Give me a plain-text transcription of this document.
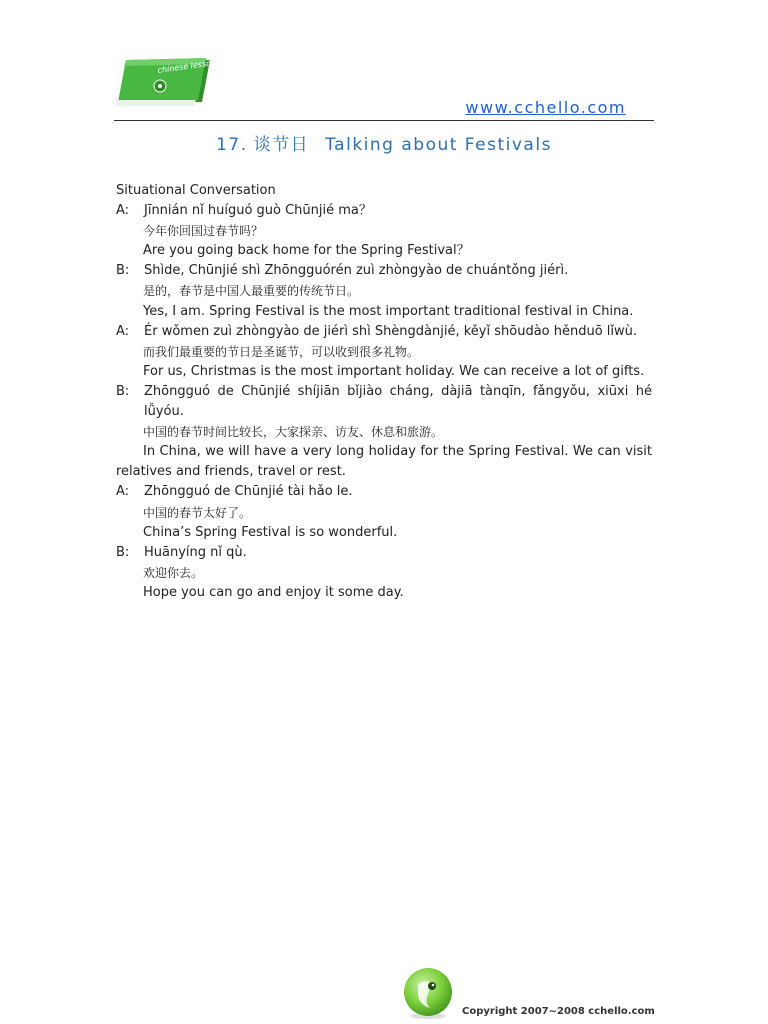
chinese lesson
www.cchello.com
17. 谈节日 Talking about Festivals

Situational Conversation

A:	Jīnnián nǐ huíguó guò Chūnjié ma？

今年你回国过春节吗？

Are you going back home for the Spring Festival？

B:	Shìde, Chūnjié shì Zhōngguórén zuì zhòngyào de chuántǒng jiérì.

是的，春节是中国人最重要的传统节日。

Yes, I am. Spring Festival is the most important traditional festival in China.

A: Ér wǒmen zuì zhòngyào de jiérì shì Shèngdànjié, kěyǐ shōudào hěnduō lǐwù.

而我们最重要的节日是圣诞节，可以收到很多礼物。

For us, Christmas is the most important holiday. We can receive a lot of gifts.

B: Zhōngguó de Chūnjié shíjiān bǐjiào cháng, dàjiā tànqīn, fǎngyǒu, xiūxi hé lǚyóu.

中国的春节时间比较长，大家探亲、访友、休息和旅游。

In China, we will have a very long holiday for the Spring Festival. We can visit relatives and friends, travel or rest.

A:	Zhōngguó de Chūnjié tài hǎo le.

中国的春节太好了。

China’s Spring Festival is so wonderful.

B:	Huānyíng nǐ qù.

欢迎你去。

Hope you can go and enjoy it some day.

Copyright 2007~2008 cchello.com
